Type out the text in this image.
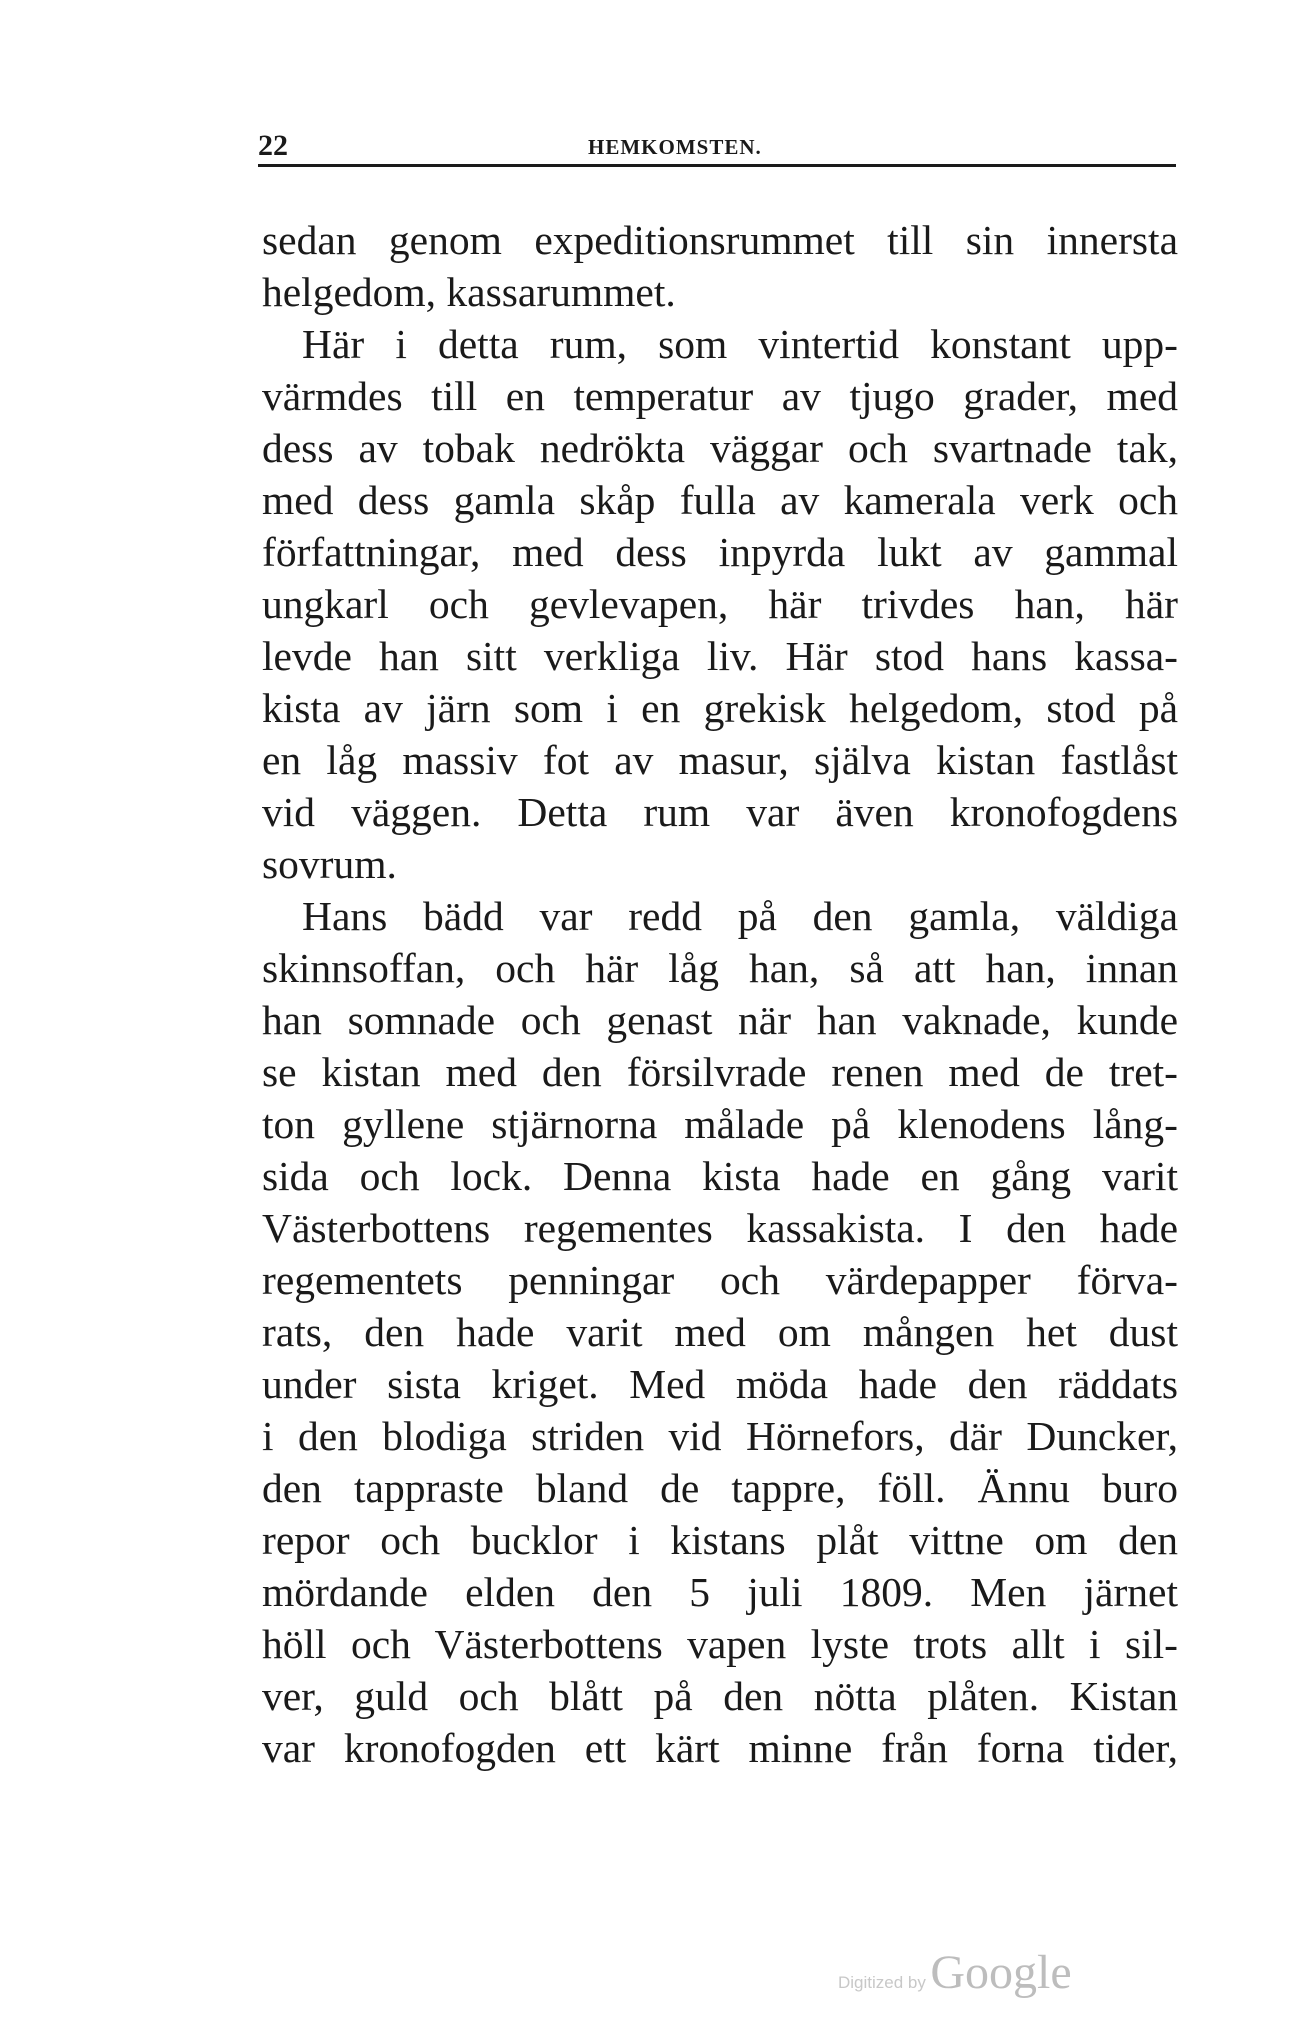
22	HEMKOMSTEN.
sedan genom expeditionsrummet till sin innersta
helgedom, kassarummet.
Här i detta rum, som vintertid konstant upp-
värmdes till en temperatur av tjugo grader, med
dess av tobak nedrökta väggar och svartnade tak,
med dess gamla skåp fulla av kamerala verk och
författningar, med dess inpyrda lukt av gammal
ungkarl och gevlevapen, här trivdes han, här
levde han sitt verkliga liv. Här stod hans kassa-
kista av järn som i en grekisk helgedom, stod på
en låg massiv fot av masur, själva kistan fastlåst
vid väggen. Detta rum var även kronofogdens
sovrum.
Hans bädd var redd på den gamla, väldiga
skinnsoffan, och här låg han, så att han, innan
han somnade och genast när han vaknade, kunde
se kistan med den försilvrade renen med de tret-
ton gyllene stjärnorna målade på klenodens lång-
sida och lock. Denna kista hade en gång varit
Västerbottens regementes kassakista. I den hade
regementets penningar och värdepapper förva-
rats, den hade varit med om mången het dust
under sista kriget. Med möda hade den räddats
i den blodiga striden vid Hörnefors, där Duncker,
den tappraste bland de tappre, föll. Ännu buro
repor och bucklor i kistans plåt vittne om den
mördande elden den 5 juli 1809. Men järnet
höll och Västerbottens vapen lyste trots allt i sil-
ver, guld och blått på den nötta plåten. Kistan
var kronofogden ett kärt minne från forna tider,
Digitized by Google
